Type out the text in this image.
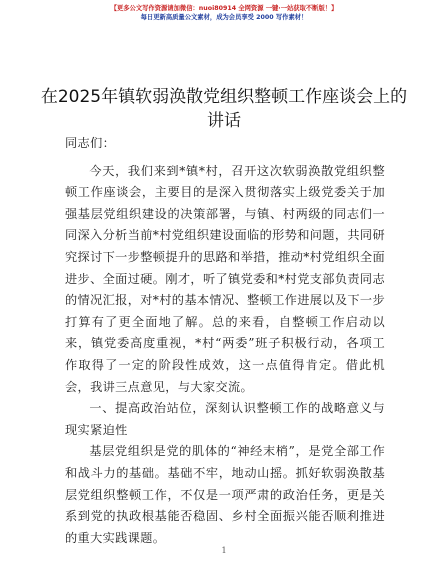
【更多公文写作资源请加微信：nuoi80914 全网资源 一键·一站获取不断版！】
每日更新高质量公文素材，成为会员享受 2000 写作素材！
在2025年镇软弱涣散党组织整顿工作座谈会上的讲话

同志们：

今天，我们来到*镇*村，召开这次软弱涣散党组织整顿工作座谈会，主要目的是深入贯彻落实上级党委关于加强基层党组织建设的决策部署，与镇、村两级的同志们一同深入分析当前*村党组织建设面临的形势和问题，共同研究探讨下一步整顿提升的思路和举措，推动*村党组织全面进步、全面过硬。刚才，听了镇党委和*村党支部负责同志的情况汇报，对*村的基本情况、整顿工作进展以及下一步打算有了更全面地了解。总的来看，自整顿工作启动以来，镇党委高度重视，*村“两委”班子积极行动，各项工作取得了一定的阶段性成效，这一点值得肯定。借此机会，我讲三点意见，与大家交流。

一、提高政治站位，深刻认识整顿工作的战略意义与现实紧迫性

基层党组织是党的肌体的“神经末梢”，是党全部工作和战斗力的基础。基础不牢，地动山摇。抓好软弱涣散基层党组织整顿工作，不仅是一项严肃的政治任务，更是关系到党的执政根基能否稳固、乡村全面振兴能否顺利推进的重大实践课题。

1
